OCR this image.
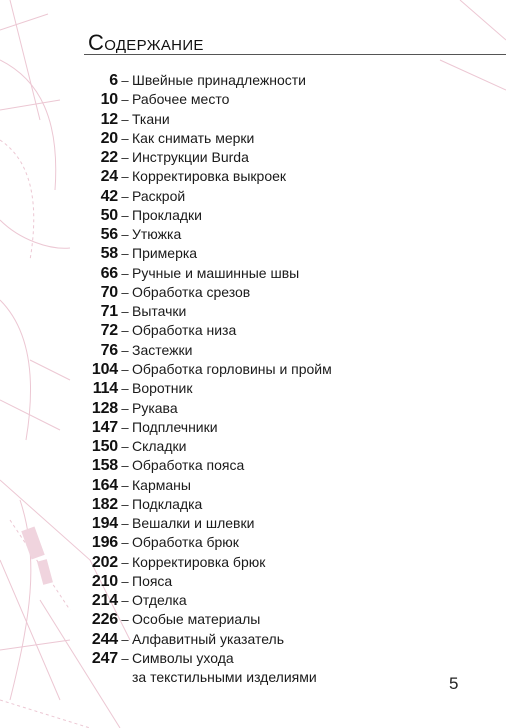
Содержание
6 – Швейные принадлежности
10 – Рабочее место
12 – Ткани
20 – Как снимать мерки
22 – Инструкции Burda
24 – Корректировка выкроек
42 – Раскрой
50 – Прокладки
56 – Утюжка
58 – Примерка
66 – Ручные и машинные швы
70 – Обработка срезов
71 – Вытачки
72 – Обработка низа
76 – Застежки
104 – Обработка горловины и пройм
114 – Воротник
128 – Рукава
147 – Подплечники
150 – Складки
158 – Обработка пояса
164 – Карманы
182 – Подкладка
194 – Вешалки и шлевки
196 – Обработка брюк
202 – Корректировка брюк
210 – Пояса
214 – Отделка
226 – Особые материалы
244 – Алфавитный указатель
247 – Символы ухода
за текстильными изделиями	5
